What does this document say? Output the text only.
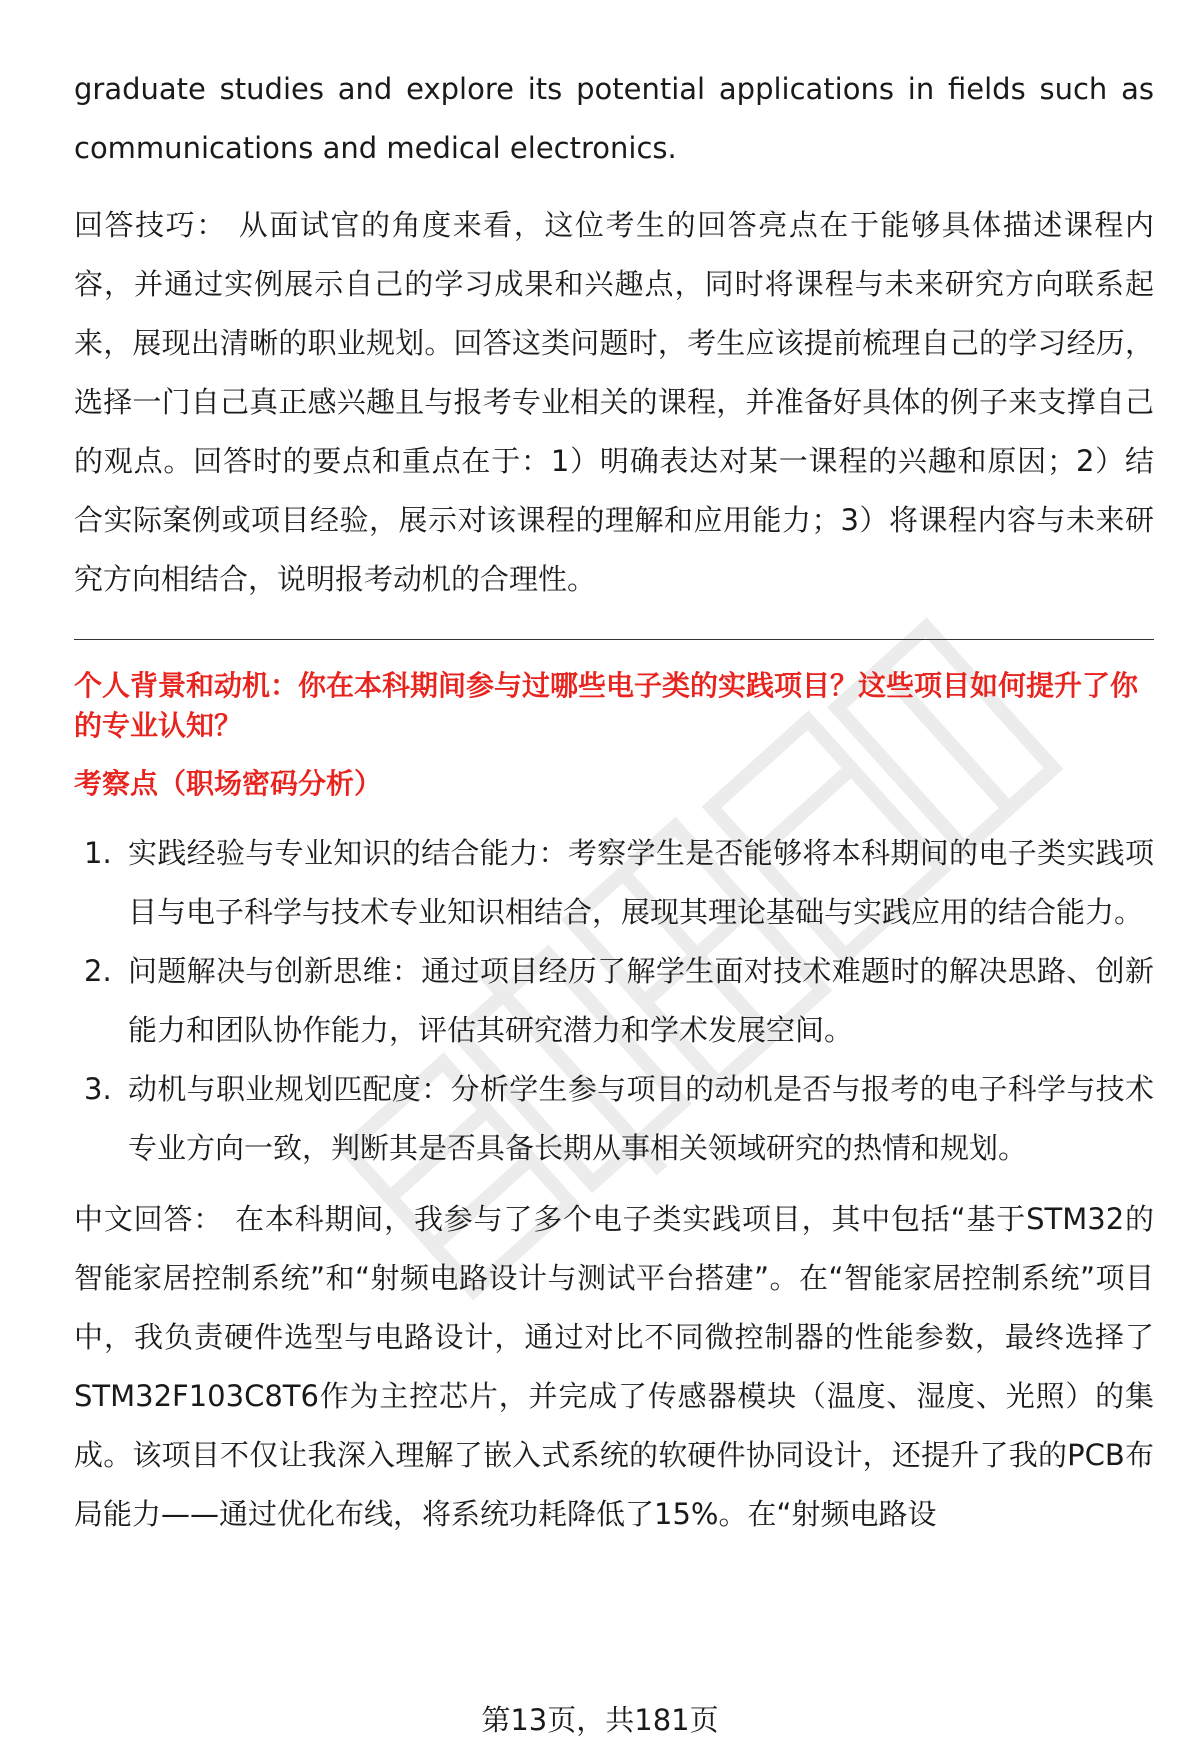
graduate studies and explore its potential applications in fields such as communications and medical electronics.

回答技巧： 从面试官的角度来看，这位考生的回答亮点在于能够具体描述课程内容，并通过实例展示自己的学习成果和兴趣点，同时将课程与未来研究方向联系起来，展现出清晰的职业规划。回答这类问题时，考生应该提前梳理自己的学习经历，选择一门自己真正感兴趣且与报考专业相关的课程，并准备好具体的例子来支撑自己的观点。回答时的要点和重点在于：1）明确表达对某一课程的兴趣和原因；2）结合实际案例或项目经验，展示对该课程的理解和应用能力；3）将课程内容与未来研究方向相结合，说明报考动机的合理性。

个人背景和动机：你在本科期间参与过哪些电子类的实践项目？这些项目如何提升了你的专业认知？

考察点（职场密码分析）

1. 实践经验与专业知识的结合能力：考察学生是否能够将本科期间的电子类实践项目与电子科学与技术专业知识相结合，展现其理论基础与实践应用的结合能力。
2. 问题解决与创新思维：通过项目经历了解学生面对技术难题时的解决思路、创新能力和团队协作能力，评估其研究潜力和学术发展空间。
3. 动机与职业规划匹配度：分析学生参与项目的动机是否与报考的电子科学与技术专业方向一致，判断其是否具备长期从事相关领域研究的热情和规划。

中文回答： 在本科期间，我参与了多个电子类实践项目，其中包括“基于STM32的智能家居控制系统”和“射频电路设计与测试平台搭建”。在“智能家居控制系统”项目中，我负责硬件选型与电路设计，通过对比不同微控制器的性能参数，最终选择了STM32F103C8T6作为主控芯片，并完成了传感器模块（温度、湿度、光照）的集成。该项目不仅让我深入理解了嵌入式系统的软硬件协同设计，还提升了我的PCB布局能力——通过优化布线，将系统功耗降低了15%。在“射频电路设

第13页，共181页
